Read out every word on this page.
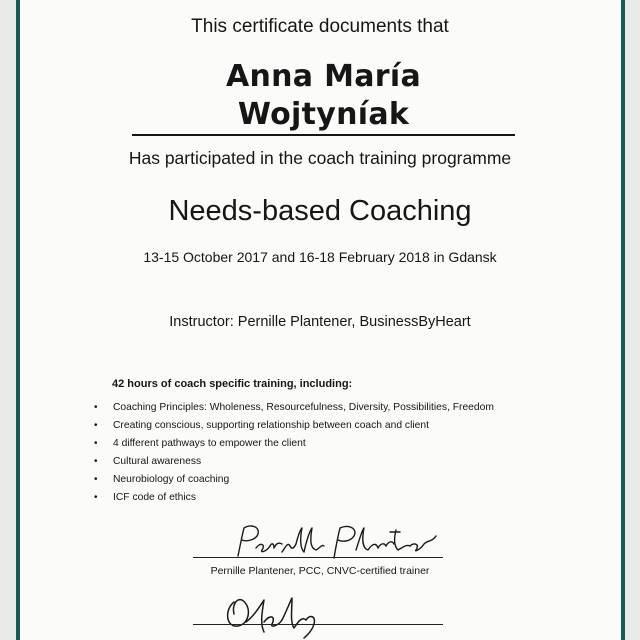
This certificate documents that
Anna María Wojtyníak
Has participated in the coach training programme
Needs-based Coaching
13-15 October 2017 and 16-18 February 2018 in Gdansk
Instructor: Pernille Plantener, BusinessByHeart
42 hours of coach specific training, including:
• Coaching Principles: Wholeness, Resourcefulness, Diversity, Possibilities, Freedom
• Creating conscious, supporting relationship between coach and client
• 4 different pathways to empower the client
• Cultural awareness
• Neurobiology of coaching
• ICF code of ethics
Pernille Plantener, PCC, CNVC-certified trainer
